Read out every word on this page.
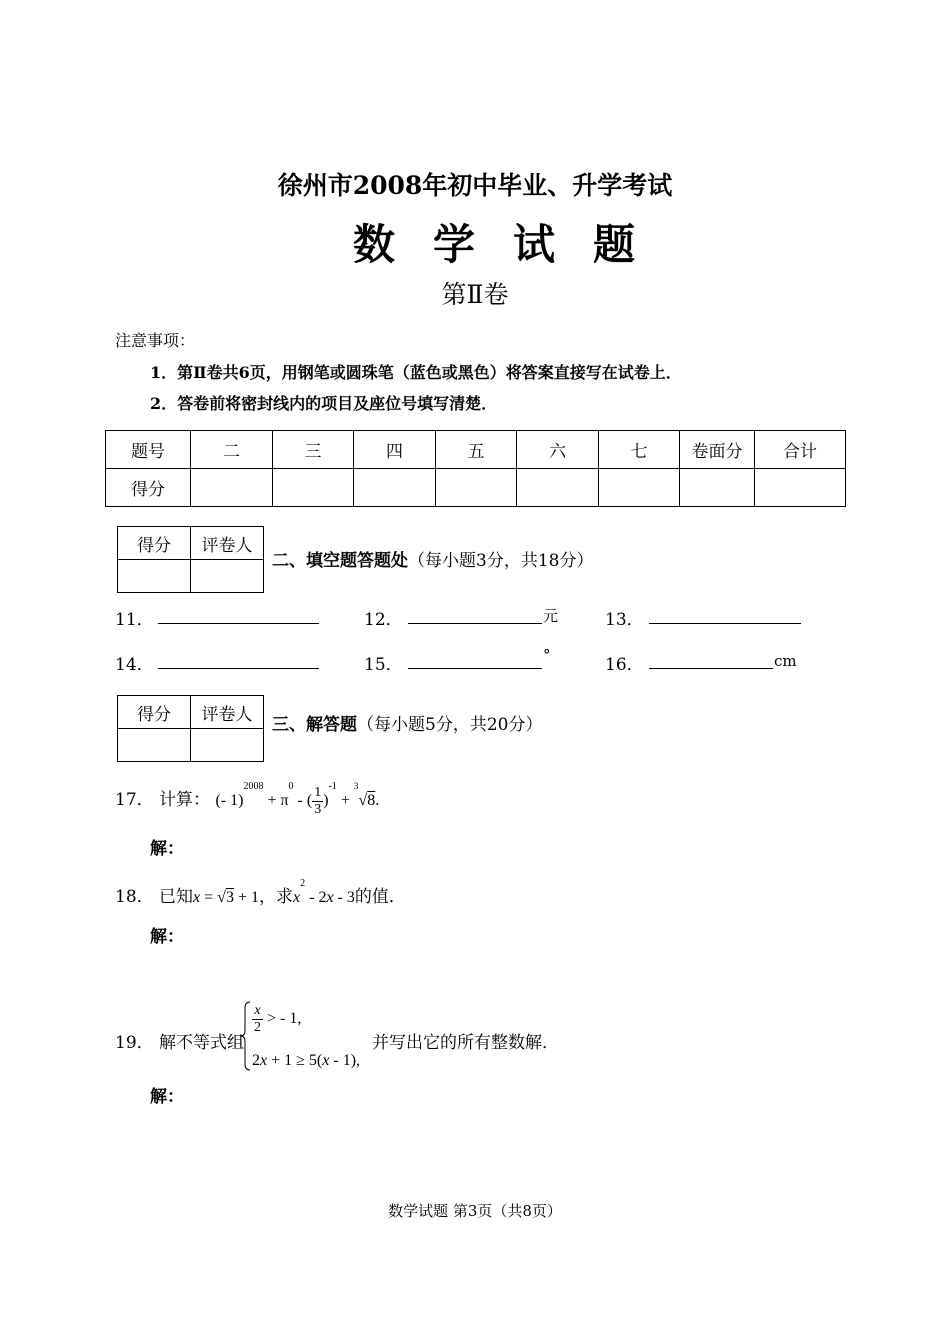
徐州市2008年初中毕业、升学考试
数学试题
第Ⅱ卷
注意事项：
1．第Ⅱ卷共6页，用钢笔或圆珠笔（蓝色或黑色）将答案直接写在试卷上．
2．答卷前将密封线内的项目及座位号填写清楚．
题号	二	三	四	五	六	七	卷面分	合计
得分								
得分	评卷人

二、填空题答题处（每小题3分，共18分）
11．	12．	元	13．
14．	15．	°	16．	cm
得分	评卷人

三、解答题（每小题5分，共20分）
17． 计算： (- $1)^{2008} + \pi^0$ - ( $\frac{1}{3} )^{-1} + ^3√8$.
解：
18． 已知x = √3 + 1，求$x^2 - 2x - 3$的值．
解：
19． 解不等式组
$\frac{x}{2}$ > - 1,
2x + 1 ≥ 5(x - 1),
并写出它的所有整数解．
解：
数学试题 第3页（共8页）
